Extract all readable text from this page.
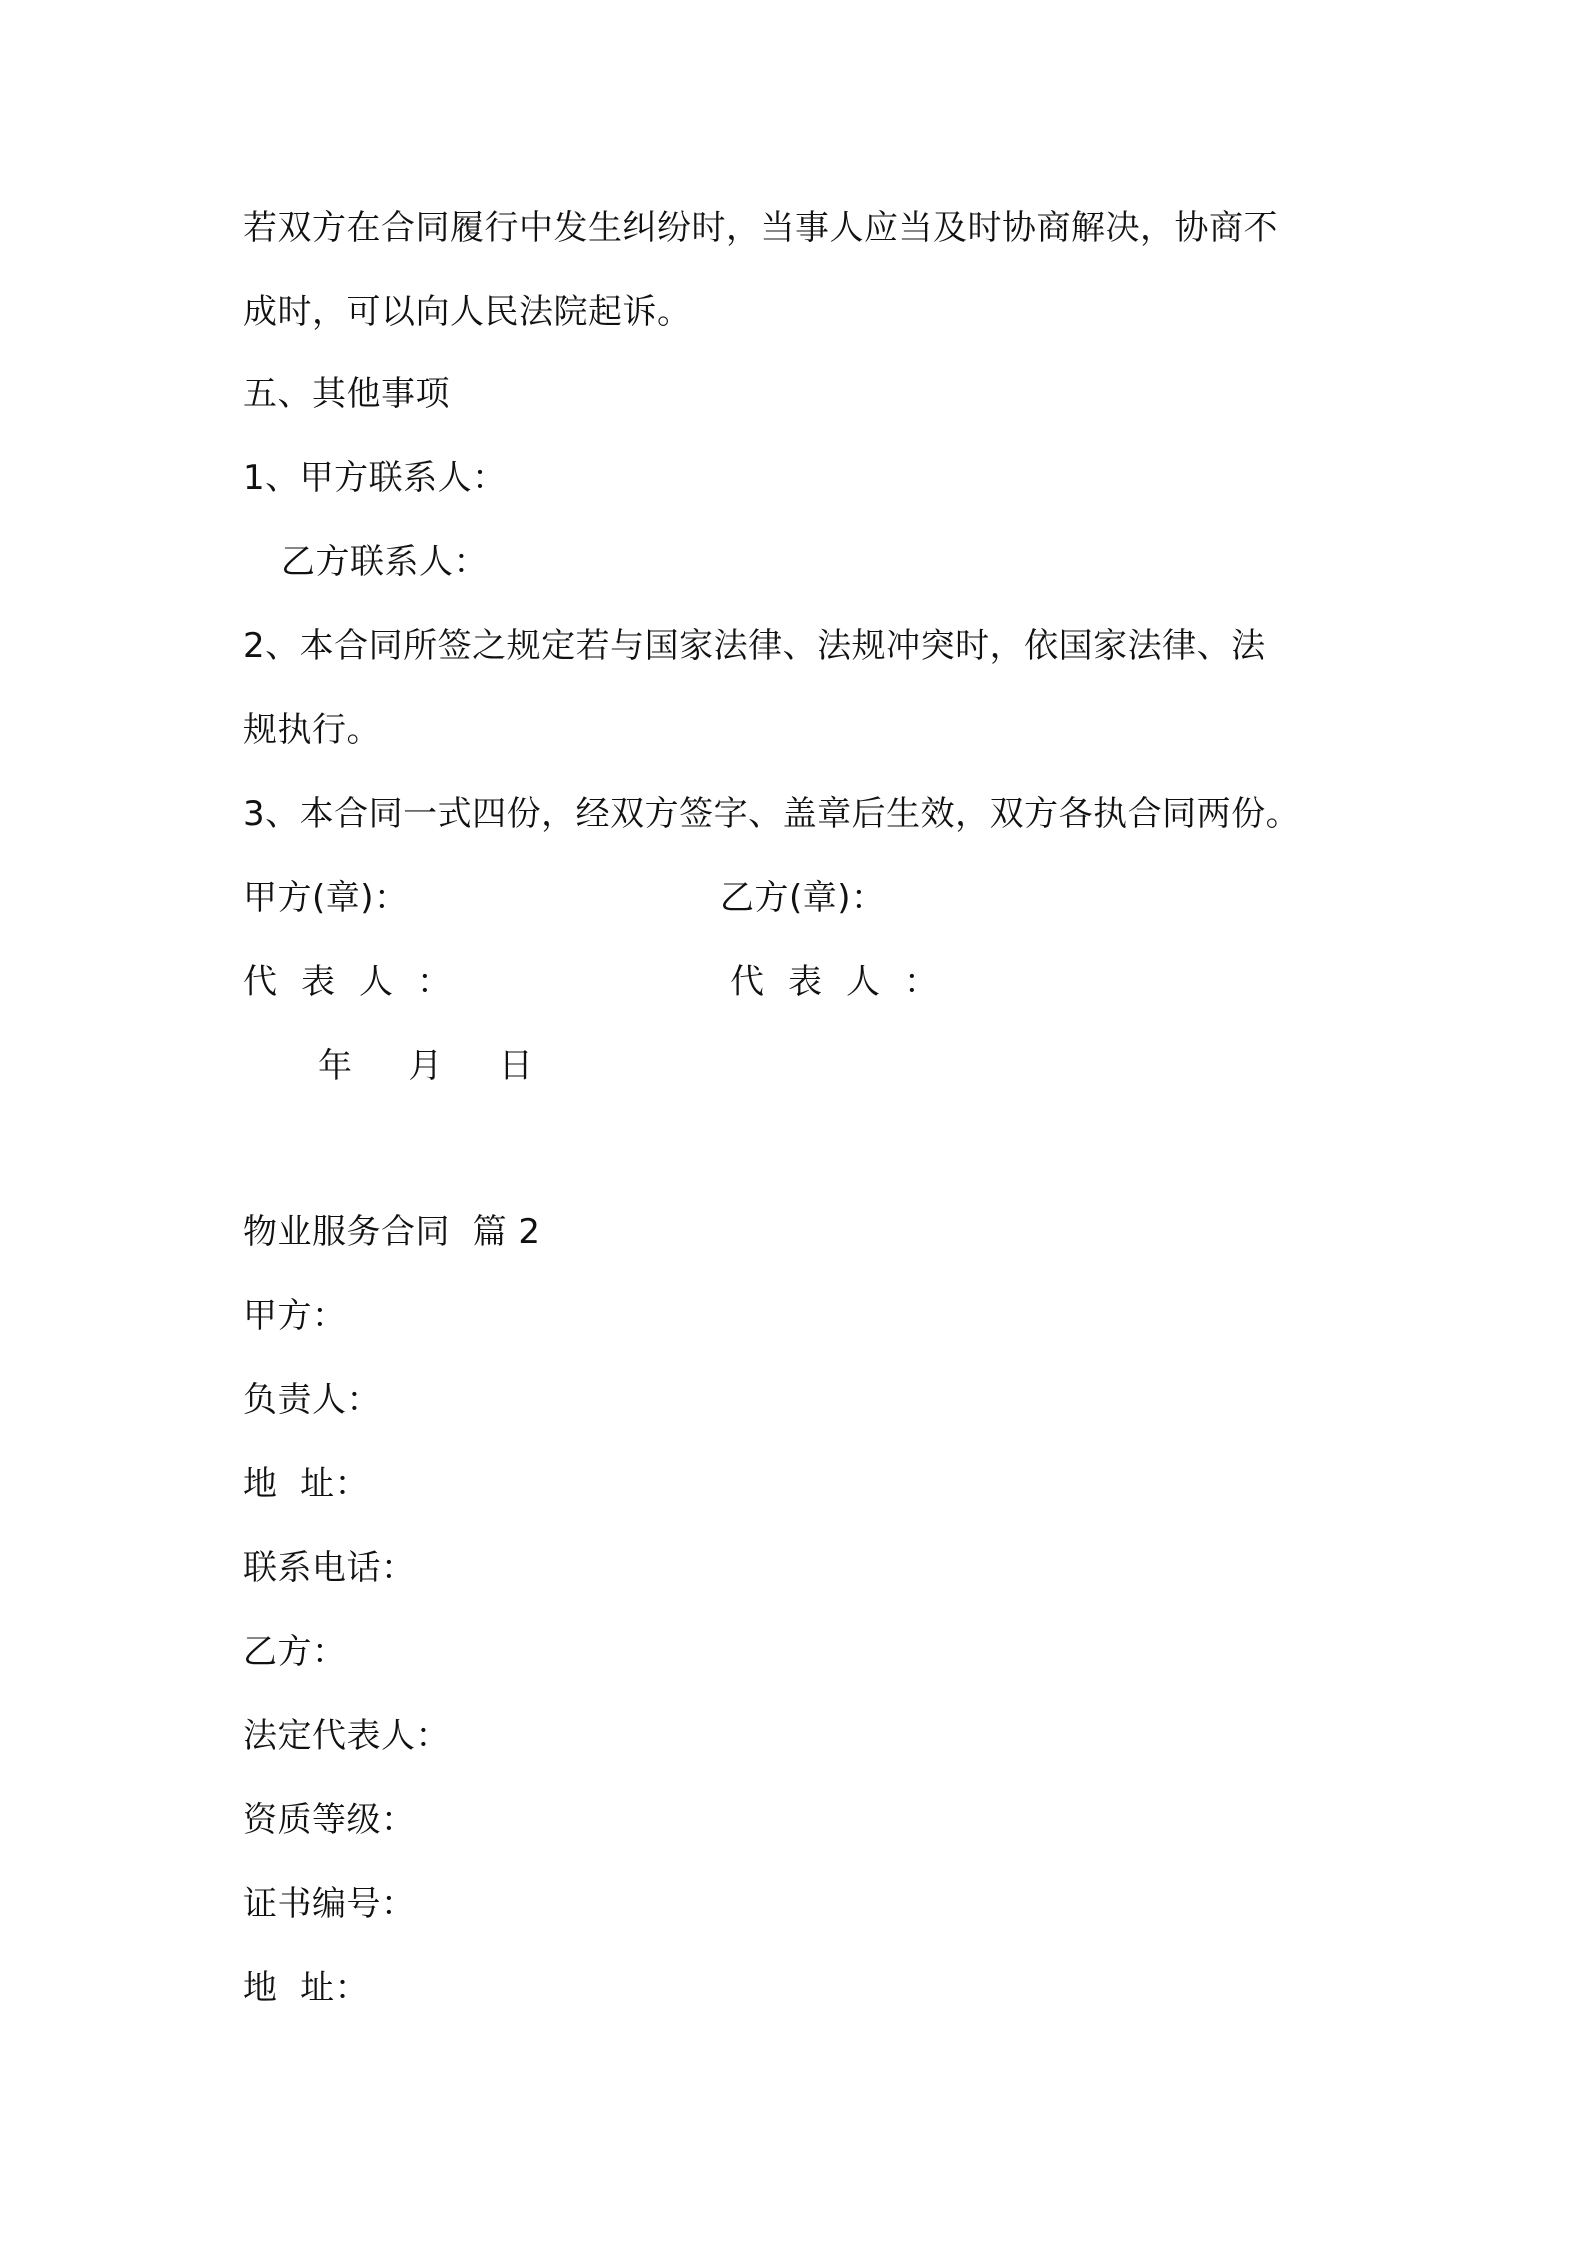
若双方在合同履行中发生纠纷时，当事人应当及时协商解决，协商不
成时，可以向人民法院起诉。
五、其他事项
1、甲方联系人：
乙方联系人：
2、本合同所签之规定若与国家法律、法规冲突时，依国家法律、法
规执行。
3、本合同一式四份，经双方签字、盖章后生效，双方各执合同两份。
甲方(章)：	乙方(章)：
代表人：	代表人：
年   月   日
物业服务合同  篇 2
甲方：
负责人：
地  址：
联系电话：
乙方：
法定代表人：
资质等级：
证书编号：
地  址：
